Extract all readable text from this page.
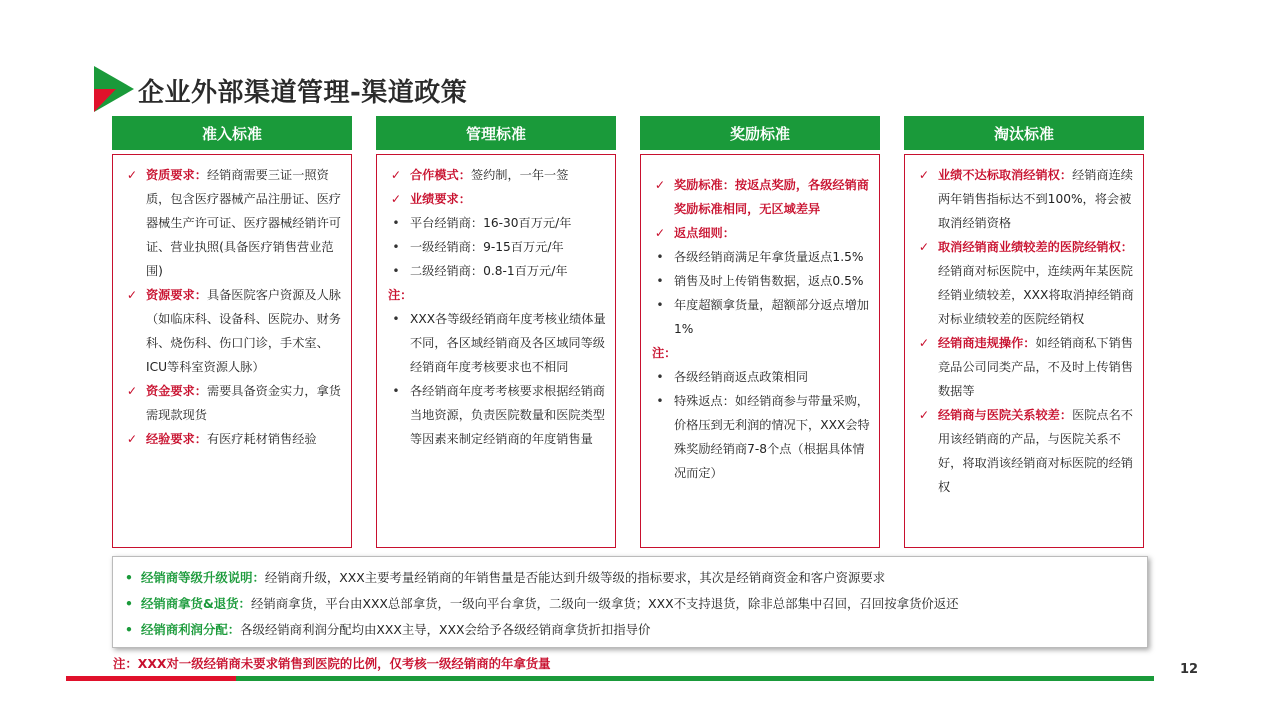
企业外部渠道管理-渠道政策
准入标准
✓ 资质要求：经销商需要三证一照资质，包含医疗器械产品注册证、医疗器械生产许可证、医疗器械经销许可证、营业执照(具备医疗销售营业范围)
✓ 资源要求：具备医院客户资源及人脉（如临床科、设备科、医院办、财务科、烧伤科、伤口门诊，手术室、ICU等科室资源人脉）
✓ 资金要求：需要具备资金实力，拿货需现款现货
✓ 经验要求：有医疗耗材销售经验
管理标准
✓ 合作模式：签约制，一年一签
✓ 业绩要求：
• 平台经销商：16-30百万元/年
• 一级经销商：9-15百万元/年
• 二级经销商：0.8-1百万元/年
注：
• XXX各等级经销商年度考核业绩体量不同，各区域经销商及各区域同等级经销商年度考核要求也不相同
• 各经销商年度考考核要求根据经销商当地资源，负责医院数量和医院类型等因素来制定经销商的年度销售量
奖励标准
✓ 奖励标准：按返点奖励，各级经销商奖励标准相同，无区域差异
✓ 返点细则：
• 各级经销商满足年拿货量返点1.5%
• 销售及时上传销售数据，返点0.5%
• 年度超额拿货量，超额部分返点增加1%
注：
• 各级经销商返点政策相同
• 特殊返点：如经销商参与带量采购，价格压到无利润的情况下，XXX会特殊奖励经销商7-8个点（根据具体情况而定）
淘汰标准
✓ 业绩不达标取消经销权：经销商连续两年销售指标达不到100%，将会被取消经销资格
✓ 取消经销商业绩较差的医院经销权：经销商对标医院中，连续两年某医院经销业绩较差，XXX将取消掉经销商对标业绩较差的医院经销权
✓ 经销商违规操作：如经销商私下销售竞品公司同类产品，不及时上传销售数据等
✓ 经销商与医院关系较差：医院点名不用该经销商的产品，与医院关系不好，将取消该经销商对标医院的经销权
• 经销商等级升级说明：经销商升级，XXX主要考量经销商的年销售量是否能达到升级等级的指标要求，其次是经销商资金和客户资源要求
• 经销商拿货&退货：经销商拿货，平台由XXX总部拿货，一级向平台拿货，二级向一级拿货；XXX不支持退货，除非总部集中召回，召回按拿货价返还
• 经销商利润分配：各级经销商利润分配均由XXX主导，XXX会给予各级经销商拿货折扣指导价
注：XXX对一级经销商未要求销售到医院的比例，仅考核一级经销商的年拿货量	12
